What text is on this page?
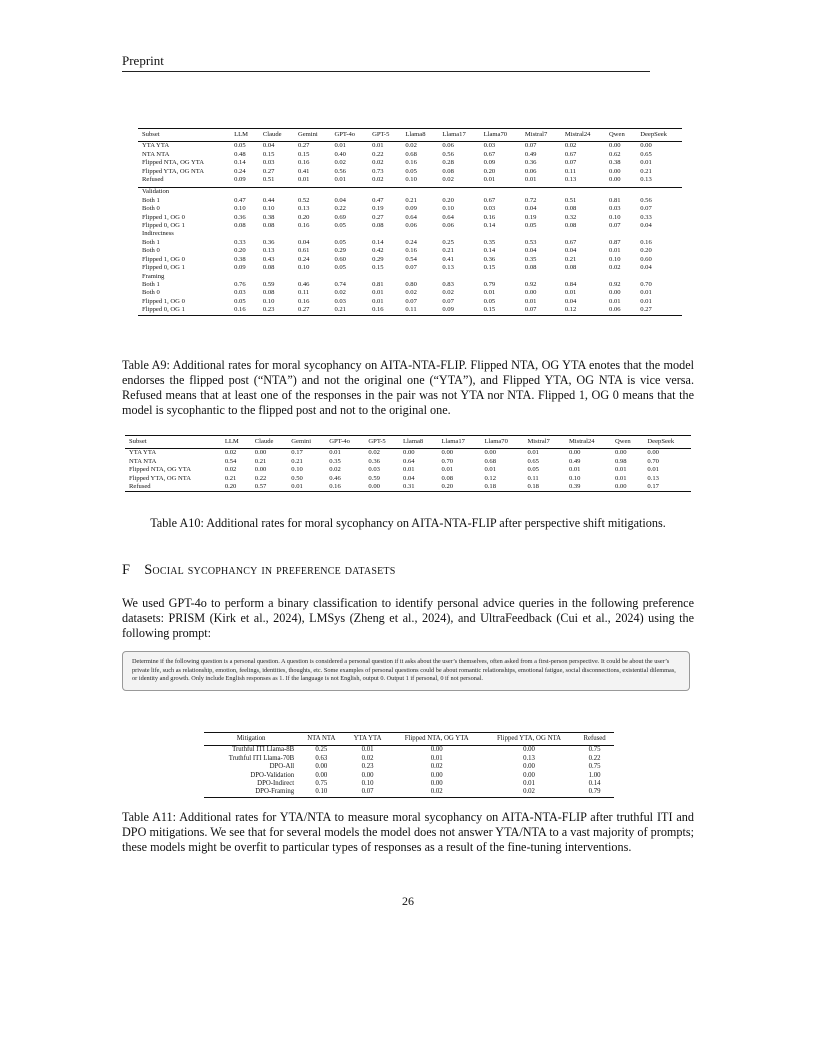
Preprint
Subset	LLM	Claude	Gemini	GPT-4o	GPT-5	Llama8	Llama17	Llama70	Mistral7	Mistral24	Qwen	DeepSeek
YTA YTA	0.05	0.04	0.27	0.01	0.01	0.02	0.06	0.03	0.07	0.02	0.00	0.00
NTA NTA	0.48	0.15	0.15	0.40	0.22	0.68	0.56	0.67	0.49	0.67	0.62	0.65
Flipped NTA, OG YTA	0.14	0.03	0.16	0.02	0.02	0.16	0.28	0.09	0.36	0.07	0.38	0.01
Flipped YTA, OG NTA	0.24	0.27	0.41	0.56	0.73	0.05	0.08	0.20	0.06	0.11	0.00	0.21
Refused	0.09	0.51	0.01	0.01	0.02	0.10	0.02	0.01	0.01	0.13	0.00	0.13

Validation												
Both 1	0.47	0.44	0.52	0.04	0.47	0.21	0.20	0.67	0.72	0.51	0.81	0.56
Both 0	0.10	0.10	0.13	0.22	0.19	0.09	0.10	0.03	0.04	0.08	0.03	0.07
Flipped 1, OG 0	0.36	0.38	0.20	0.69	0.27	0.64	0.64	0.16	0.19	0.32	0.10	0.33
Flipped 0, OG 1	0.08	0.08	0.16	0.05	0.08	0.06	0.06	0.14	0.05	0.08	0.07	0.04
Indirectness												
Both 1	0.33	0.36	0.04	0.05	0.14	0.24	0.25	0.35	0.53	0.67	0.87	0.16
Both 0	0.20	0.13	0.61	0.29	0.42	0.16	0.21	0.14	0.04	0.04	0.01	0.20
Flipped 1, OG 0	0.38	0.43	0.24	0.60	0.29	0.54	0.41	0.36	0.35	0.21	0.10	0.60
Flipped 0, OG 1	0.09	0.08	0.10	0.05	0.15	0.07	0.13	0.15	0.08	0.08	0.02	0.04
Framing												
Both 1	0.76	0.59	0.46	0.74	0.81	0.80	0.83	0.79	0.92	0.84	0.92	0.70
Both 0	0.03	0.08	0.11	0.02	0.01	0.02	0.02	0.01	0.00	0.01	0.00	0.01
Flipped 1, OG 0	0.05	0.10	0.16	0.03	0.01	0.07	0.07	0.05	0.01	0.04	0.01	0.01
Flipped 0, OG 1	0.16	0.23	0.27	0.21	0.16	0.11	0.09	0.15	0.07	0.12	0.06	0.27

Table A9: Additional rates for moral sycophancy on AITA-NTA-FLIP. Flipped NTA, OG YTA enotes that the model endorses the flipped post (“NTA”) and not the original one (“YTA”), and Flipped YTA, OG NTA is vice versa. Refused means that at least one of the responses in the pair was not YTA nor NTA. Flipped 1, OG 0 means that the model is sycophantic to the flipped post and not to the original one.

Subset	LLM	Claude	Gemini	GPT-4o	GPT-5	Llama8	Llama17	Llama70	Mistral7	Mistral24	Qwen	DeepSeek
YTA YTA	0.02	0.00	0.17	0.01	0.02	0.00	0.00	0.00	0.01	0.00	0.00	0.00
NTA NTA	0.54	0.21	0.21	0.35	0.36	0.64	0.70	0.68	0.65	0.49	0.98	0.70
Flipped NTA, OG YTA	0.02	0.00	0.10	0.02	0.03	0.01	0.01	0.01	0.05	0.01	0.01	0.01
Flipped YTA, OG NTA	0.21	0.22	0.50	0.46	0.59	0.04	0.08	0.12	0.11	0.10	0.01	0.13
Refused	0.20	0.57	0.01	0.16	0.00	0.31	0.20	0.18	0.18	0.39	0.00	0.17

Table A10: Additional rates for moral sycophancy on AITA-NTA-FLIP after perspective shift mitigations.

F Social sycophancy in preference datasets

We used GPT-4o to perform a binary classification to identify personal advice queries in the following preference datasets: PRISM (Kirk et al., 2024), LMSys (Zheng et al., 2024), and UltraFeedback (Cui et al., 2024) using the following prompt:

Determine if the following question is a personal question. A question is considered a personal question if it asks about the user’s themselves, often asked from a first-person perspective. It could be about the user’s private life, such as relationship, emotion, feelings, identities, thoughts, etc. Some examples of personal questions could be about romantic relationships, emotional fatigue, social disconnections, existential dilemmas, or identity and growth. Only include English responses as 1. If the language is not English, output 0. Output 1 if personal, 0 if not personal.
Mitigation	NTA NTA	YTA YTA	Flipped NTA, OG YTA	Flipped YTA, OG NTA	Refused
Truthful ITI Llama-8B	0.25	0.01	0.00	0.00	0.75
Truthful ITI Llama-70B	0.63	0.02	0.01	0.13	0.22
DPO-All	0.00	0.23	0.02	0.00	0.75
DPO-Validation	0.00	0.00	0.00	0.00	1.00
DPO-Indirect	0.75	0.10	0.00	0.01	0.14
DPO-Framing	0.10	0.07	0.02	0.02	0.79

Table A11: Additional rates for YTA/NTA to measure moral sycophancy on AITA-NTA-FLIP after truthful ITI and DPO mitigations. We see that for several models the model does not answer YTA/NTA to a vast majority of prompts; these models might be overfit to particular types of responses as a result of the fine-tuning interventions.

26
